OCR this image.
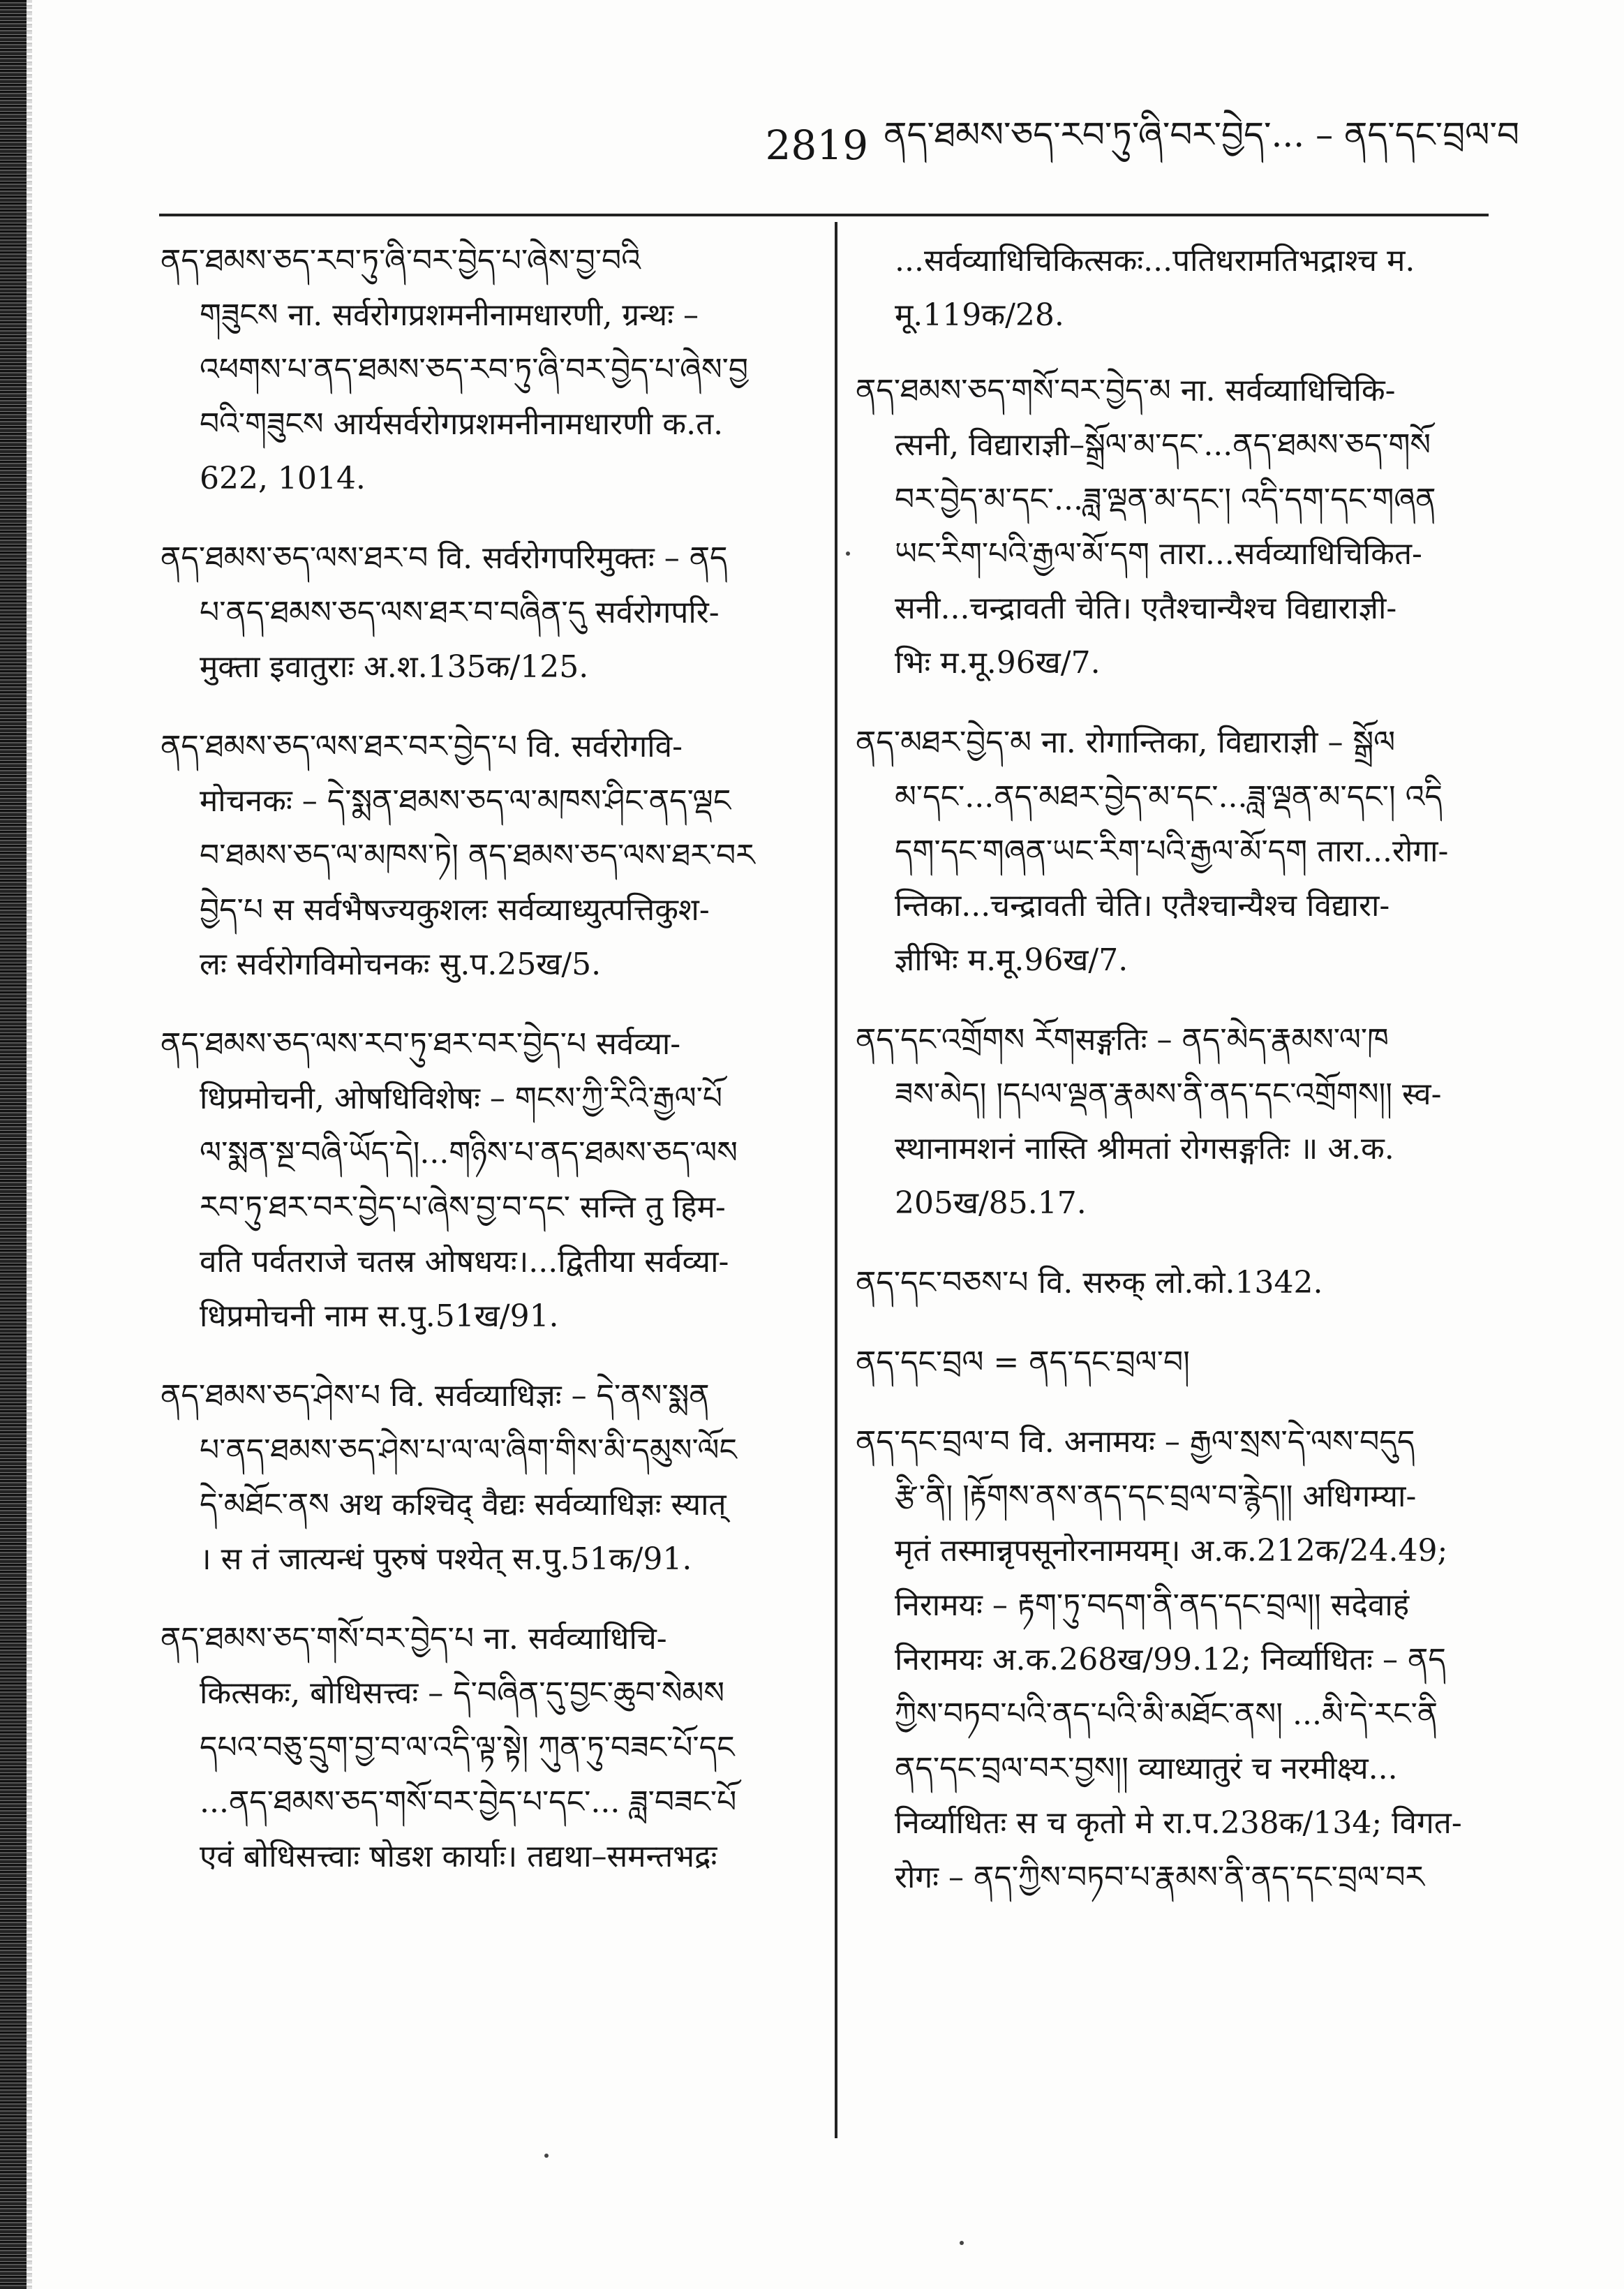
2819 ནད་ཐམས་ཅད་རབ་ཏུ་ཞི་བར་བྱེད་... – ནད་དང་བྲལ་བ
ནད་ཐམས་ཅད་རབ་ཏུ་ཞི་བར་བྱེད་པ་ཞེས་བྱ་བའི
གཟུངས ना. सर्वरोगप्रशमनीनामधारणी, ग्रन्थः –
འཕགས་པ་ནད་ཐམས་ཅད་རབ་ཏུ་ཞི་བར་བྱེད་པ་ཞེས་བྱ
བའི་གཟུངས आर्यसर्वरोगप्रशमनीनामधारणी क.त.
622, 1014.
ནད་ཐམས་ཅད་ལས་ཐར་བ वि. सर्वरोगपरिमुक्तः – ནད
པ་ནད་ཐམས་ཅད་ལས་ཐར་བ་བཞིན་དུ सर्वरोगपरि-
मुक्ता इवातुराः अ.श.135क/125.
ནད་ཐམས་ཅད་ལས་ཐར་བར་བྱེད་པ वि. सर्वरोगवि-
मोचनकः – དེ་སྨན་ཐམས་ཅད་ལ་མཁས་ཤིང་ནད་ལྡང
བ་ཐམས་ཅད་ལ་མཁས་ཏེ། ནད་ཐམས་ཅད་ལས་ཐར་བར
བྱེད་པ स सर्वभैषज्यकुशलः सर्वव्याध्युत्पत्तिकुश-
लः सर्वरोगविमोचनकः सु.प.25ख/5.
ནད་ཐམས་ཅད་ལས་རབ་ཏུ་ཐར་བར་བྱེད་པ सर्वव्या-
धिप्रमोचनी, ओषधिविशेषः – གངས་ཀྱི་རིའི་རྒྱལ་པོ
ལ་སྨན་སྔ་བཞི་ཡོད་དེ།...གཉིས་པ་ནད་ཐམས་ཅད་ལས
རབ་ཏུ་ཐར་བར་བྱེད་པ་ཞེས་བྱ་བ་དང་ सन्ति तु हिम-
वति पर्वतराजे चतस्र ओषधयः।...द्वितीया सर्वव्या-
धिप्रमोचनी नाम स.पु.51ख/91.
ནད་ཐམས་ཅད་ཤེས་པ वि. सर्वव्याधिज्ञः – དེ་ནས་སྨན
པ་ནད་ཐམས་ཅད་ཤེས་པ་ལ་ལ་ཞིག་གིས་མི་དམུས་ལོང
དེ་མཐོང་ནས अथ कश्चिद् वैद्यः सर्वव्याधिज्ञः स्यात्
। स तं जात्यन्धं पुरुषं पश्येत् स.पु.51क/91.
ནད་ཐམས་ཅད་གསོ་བར་བྱེད་པ ना. सर्वव्याधिचि-
कित्सकः, बोधिसत्त्वः – དེ་བཞིན་དུ་བྱང་ཆུབ་སེམས
དཔའ་བཅུ་དྲུག་བྱ་བ་ལ་འདི་ལྟ་སྟེ། ཀུན་ཏུ་བཟང་པོ་དང
...ནད་ཐམས་ཅད་གསོ་བར་བྱེད་པ་དང་... ཟླ་བཟང་པོ
एवं बोधिसत्त्वाः षोडश कार्याः। तद्यथा–समन्तभद्रः
...सर्वव्याधिचिकित्सकः...पतिधरामतिभद्राश्च म.
मू.119क/28.
ནད་ཐམས་ཅད་གསོ་བར་བྱེད་མ ना. सर्वव्याधिचिकि-
त्सनी, विद्याराज्ञी–སྒྲོལ་མ་དང་...ནད་ཐམས་ཅད་གསོ
བར་བྱེད་མ་དང་...ཟླ་ལྡན་མ་དང་། འདི་དག་དང་གཞན
ཡང་རིག་པའི་རྒྱལ་མོ་དག तारा...सर्वव्याधिचिकित-
सनी...चन्द्रावती चेति। एतैश्चान्यैश्च विद्याराज्ञी-
भिः म.मू.96ख/7.
ནད་མཐར་བྱེད་མ ना. रोगान्तिका, विद्याराज्ञी – སྒྲོལ
མ་དང་...ནད་མཐར་བྱེད་མ་དང་...ཟླ་ལྡན་མ་དང་། འདི
དག་དང་གཞན་ཡང་རིག་པའི་རྒྱལ་མོ་དག तारा...रोगा-
न्तिका...चन्द्रावती चेति। एतैश्चान्यैश्च विद्यारा-
ज्ञीभिः म.मू.96ख/7.
ནད་དང་འགྲོགས རོགसङ्गतिः – ནད་མེད་རྣམས་ལ་ཁ
ཟས་མེད། །དཔལ་ལྡན་རྣམས་ནི་ནད་དང་འགྲོགས།། स्व-
स्थानामशनं नास्ति श्रीमतां रोगसङ्गतिः ॥ अ.क.
205ख/85.17.
ནད་དང་བཅས་པ वि. सरुक् लो.को.1342.
ནད་དང་བྲལ = ནད་དང་བྲལ་བ།
ནད་དང་བྲལ་བ वि. अनामयः – རྒྱལ་སྲས་དེ་ལས་བདུད
རྩི་ནི། །རྟོགས་ནས་ནད་དང་བྲལ་བ་རྙེད།། अधिगम्या-
मृतं तस्मान्नृपसूनोरनामयम्। अ.क.212क/24.49;
निरामयः – རྟག་ཏུ་བདག་ནི་ནད་དང་བྲལ།། सदेवाहं
निरामयः अ.क.268ख/99.12; निर्व्याधितः – ནད
ཀྱིས་བཏབ་པའི་ནད་པའི་མི་མཐོང་ནས། ...མི་དེ་རང་ནི
ནད་དང་བྲལ་བར་བྱས།། व्याध्यातुरं च नरमीक्ष्य...
निर्व्याधितः स च कृतो मे रा.प.238क/134; विगत-
रोगः – ནད་ཀྱིས་བཏབ་པ་རྣམས་ནི་ནད་དང་བྲལ་བར
